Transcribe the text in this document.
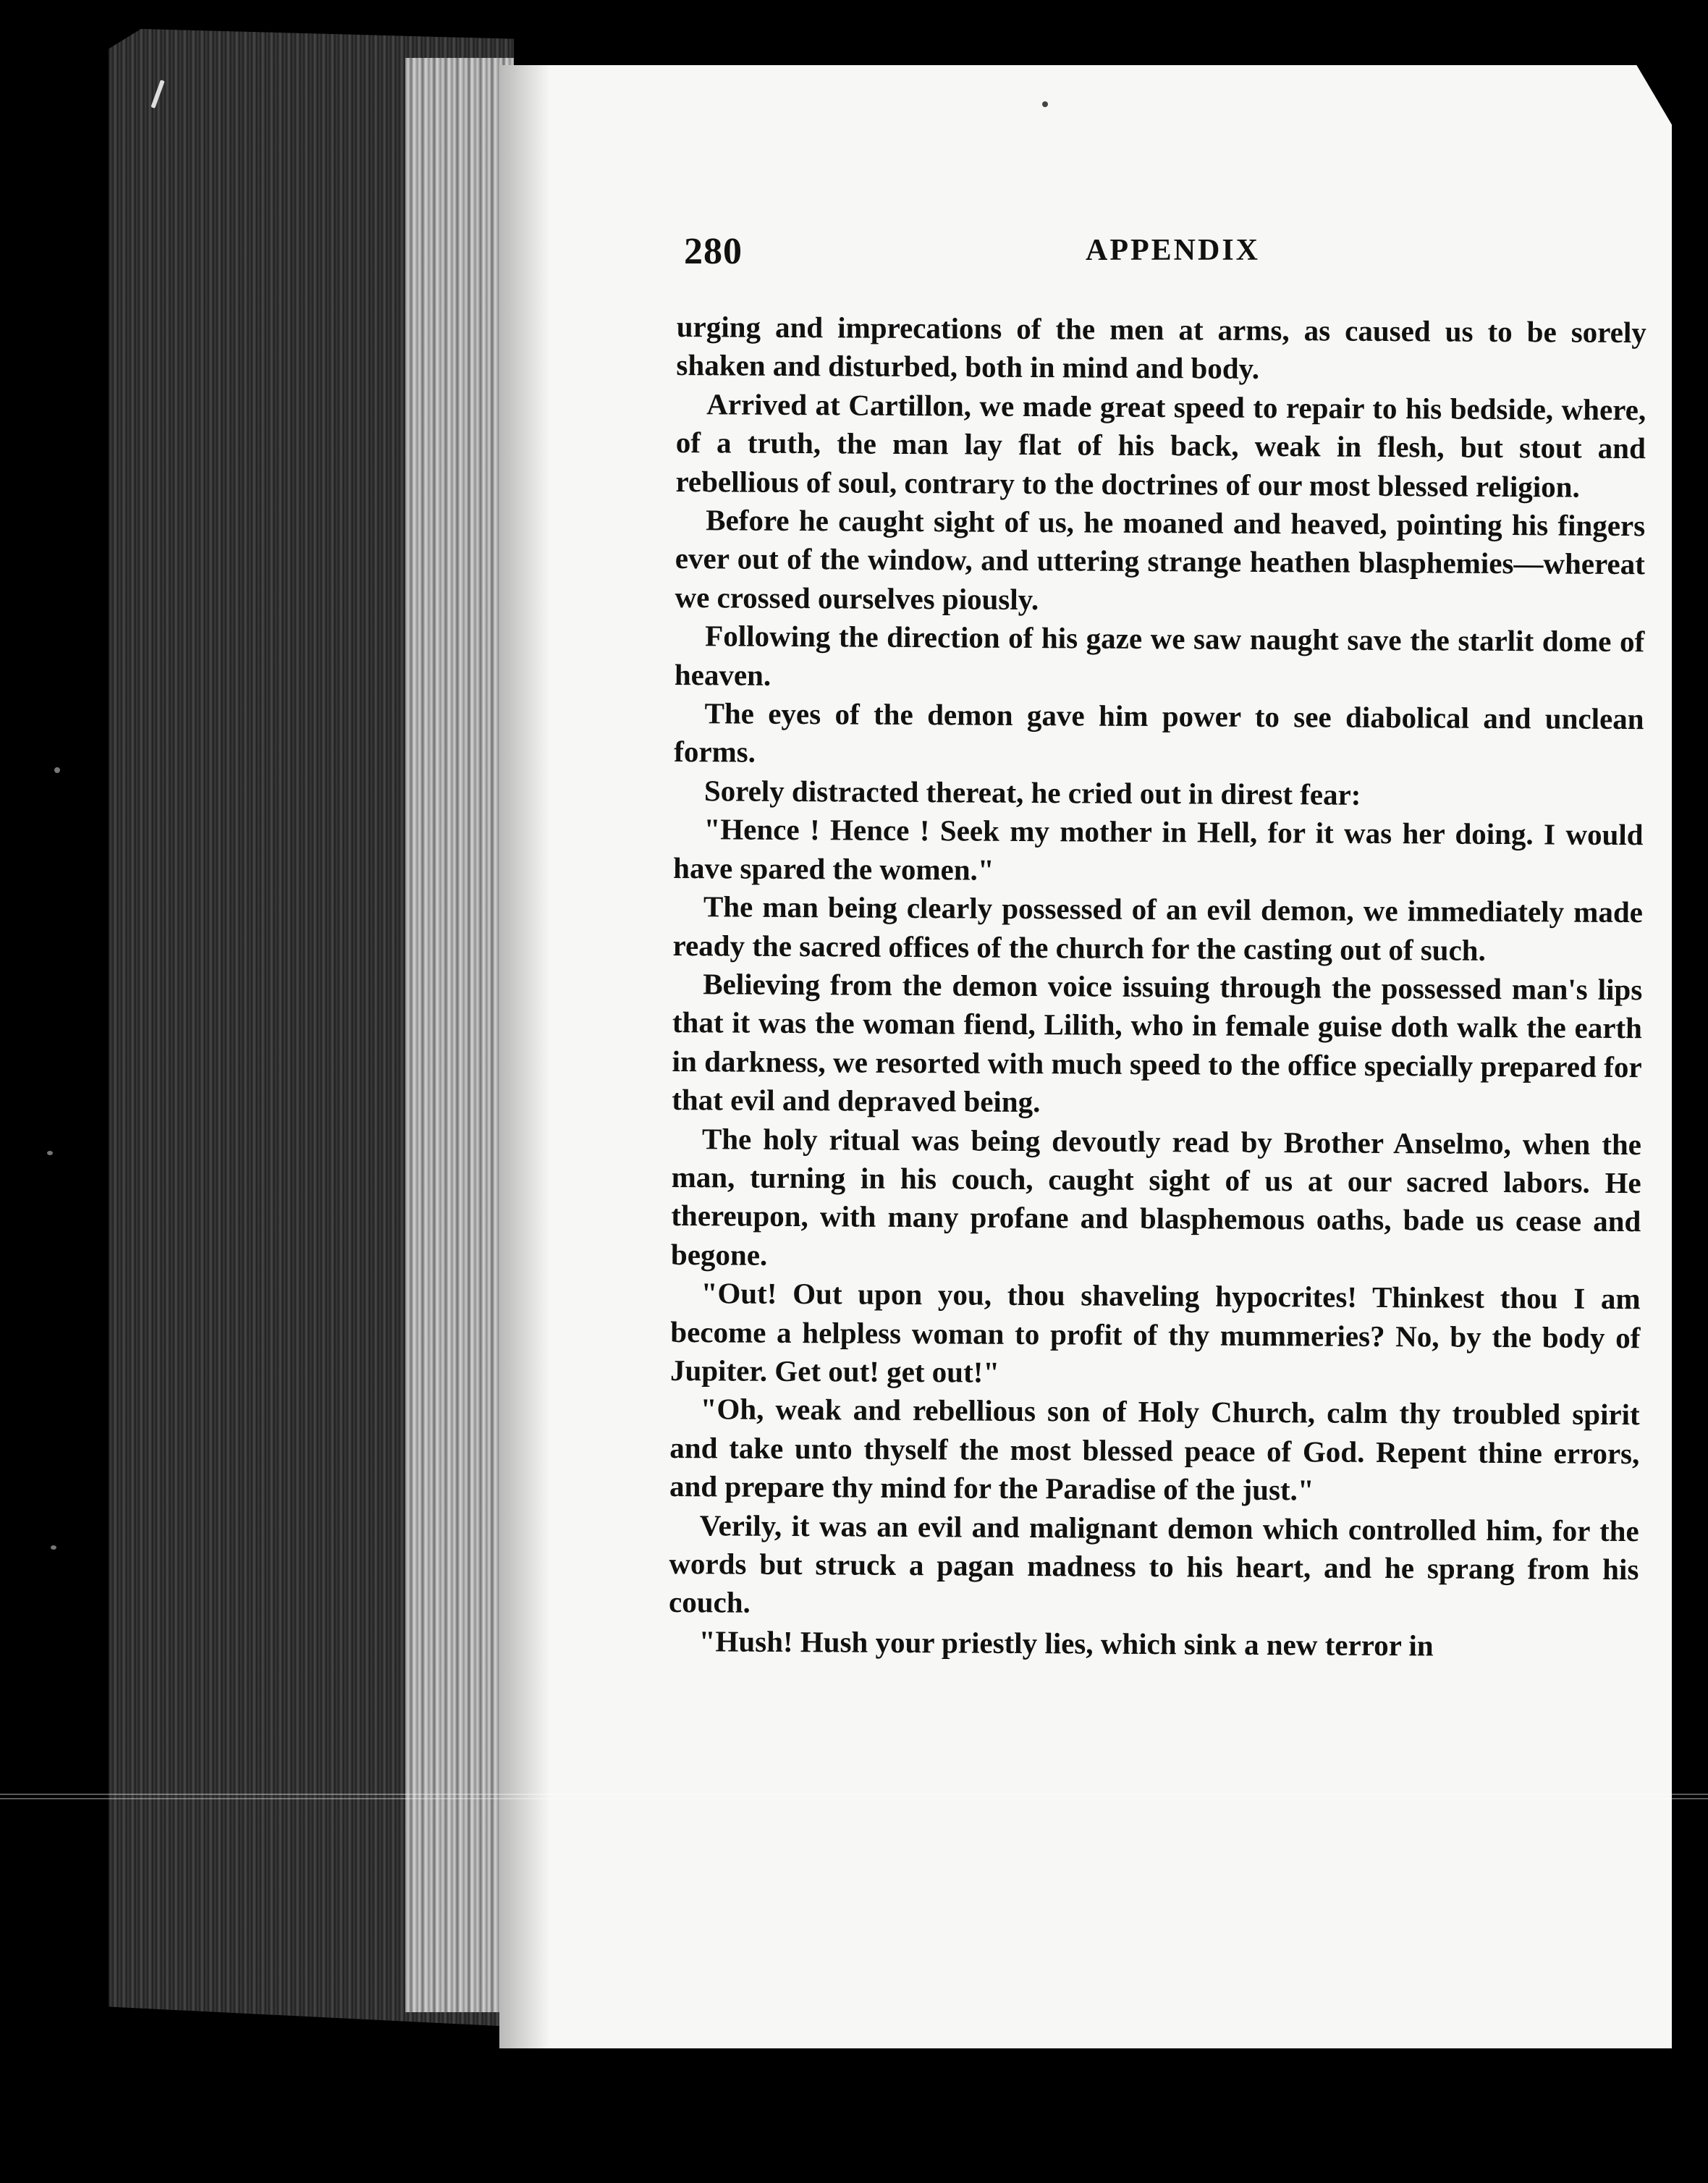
280	APPENDIX

urging and imprecations of the men at arms, as caused us to be sorely shaken and disturbed, both in mind and body.

Arrived at Cartillon, we made great speed to repair to his bedside, where, of a truth, the man lay flat of his back, weak in flesh, but stout and rebellious of soul, contrary to the doctrines of our most blessed religion.

Before he caught sight of us, he moaned and heaved, pointing his fingers ever out of the window, and uttering strange heathen blasphemies—whereat we crossed ourselves piously.

Following the direction of his gaze we saw naught save the starlit dome of heaven.

The eyes of the demon gave him power to see diabolical and unclean forms.

Sorely distracted thereat, he cried out in direst fear:

"Hence ! Hence ! Seek my mother in Hell, for it was her doing. I would have spared the women."

The man being clearly possessed of an evil demon, we immediately made ready the sacred offices of the church for the casting out of such.

Believing from the demon voice issuing through the possessed man's lips that it was the woman fiend, Lilith, who in female guise doth walk the earth in darkness, we resorted with much speed to the office specially prepared for that evil and depraved being.

The holy ritual was being devoutly read by Brother Anselmo, when the man, turning in his couch, caught sight of us at our sacred labors. He thereupon, with many profane and blasphemous oaths, bade us cease and begone.

"Out! Out upon you, thou shaveling hypocrites! Thinkest thou I am become a helpless woman to profit of thy mummeries? No, by the body of Jupiter. Get out! get out!"

"Oh, weak and rebellious son of Holy Church, calm thy troubled spirit and take unto thyself the most blessed peace of God. Repent thine errors, and prepare thy mind for the Paradise of the just."

Verily, it was an evil and malignant demon which controlled him, for the words but struck a pagan madness to his heart, and he sprang from his couch.

"Hush! Hush your priestly lies, which sink a new terror in
